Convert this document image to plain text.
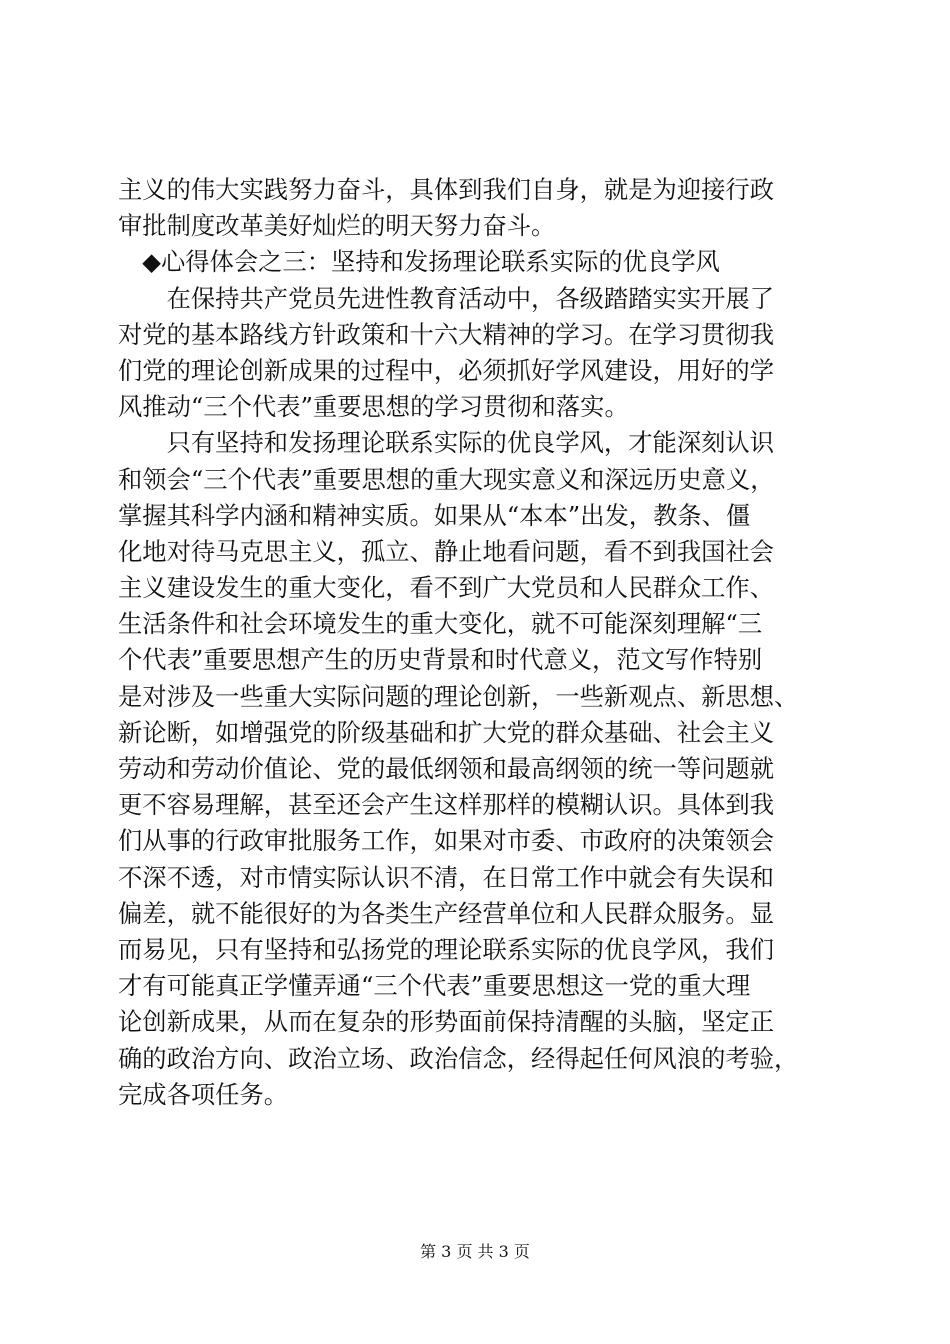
主义的伟大实践努力奋斗，具体到我们自身，就是为迎接行政
审批制度改革美好灿烂的明天努力奋斗。
　◆心得体会之三：坚持和发扬理论联系实际的优良学风
　　在保持共产党员先进性教育活动中，各级踏踏实实开展了
对党的基本路线方针政策和十六大精神的学习。在学习贯彻我
们党的理论创新成果的过程中，必须抓好学风建设，用好的学
风推动“三个代表”重要思想的学习贯彻和落实。
　　只有坚持和发扬理论联系实际的优良学风，才能深刻认识
和领会“三个代表”重要思想的重大现实意义和深远历史意义，
掌握其科学内涵和精神实质。如果从“本本”出发，教条、僵
化地对待马克思主义，孤立、静止地看问题，看不到我国社会
主义建设发生的重大变化，看不到广大党员和人民群众工作、
生活条件和社会环境发生的重大变化，就不可能深刻理解“三
个代表”重要思想产生的历史背景和时代意义，范文写作特别
是对涉及一些重大实际问题的理论创新，一些新观点、新思想、
新论断，如增强党的阶级基础和扩大党的群众基础、社会主义
劳动和劳动价值论、党的最低纲领和最高纲领的统一等问题就
更不容易理解，甚至还会产生这样那样的模糊认识。具体到我
们从事的行政审批服务工作，如果对市委、市政府的决策领会
不深不透，对市情实际认识不清，在日常工作中就会有失误和
偏差，就不能很好的为各类生产经营单位和人民群众服务。显
而易见，只有坚持和弘扬党的理论联系实际的优良学风，我们
才有可能真正学懂弄通“三个代表”重要思想这一党的重大理
论创新成果，从而在复杂的形势面前保持清醒的头脑，坚定正
确的政治方向、政治立场、政治信念，经得起任何风浪的考验，
完成各项任务。
第 3 页 共 3 页
